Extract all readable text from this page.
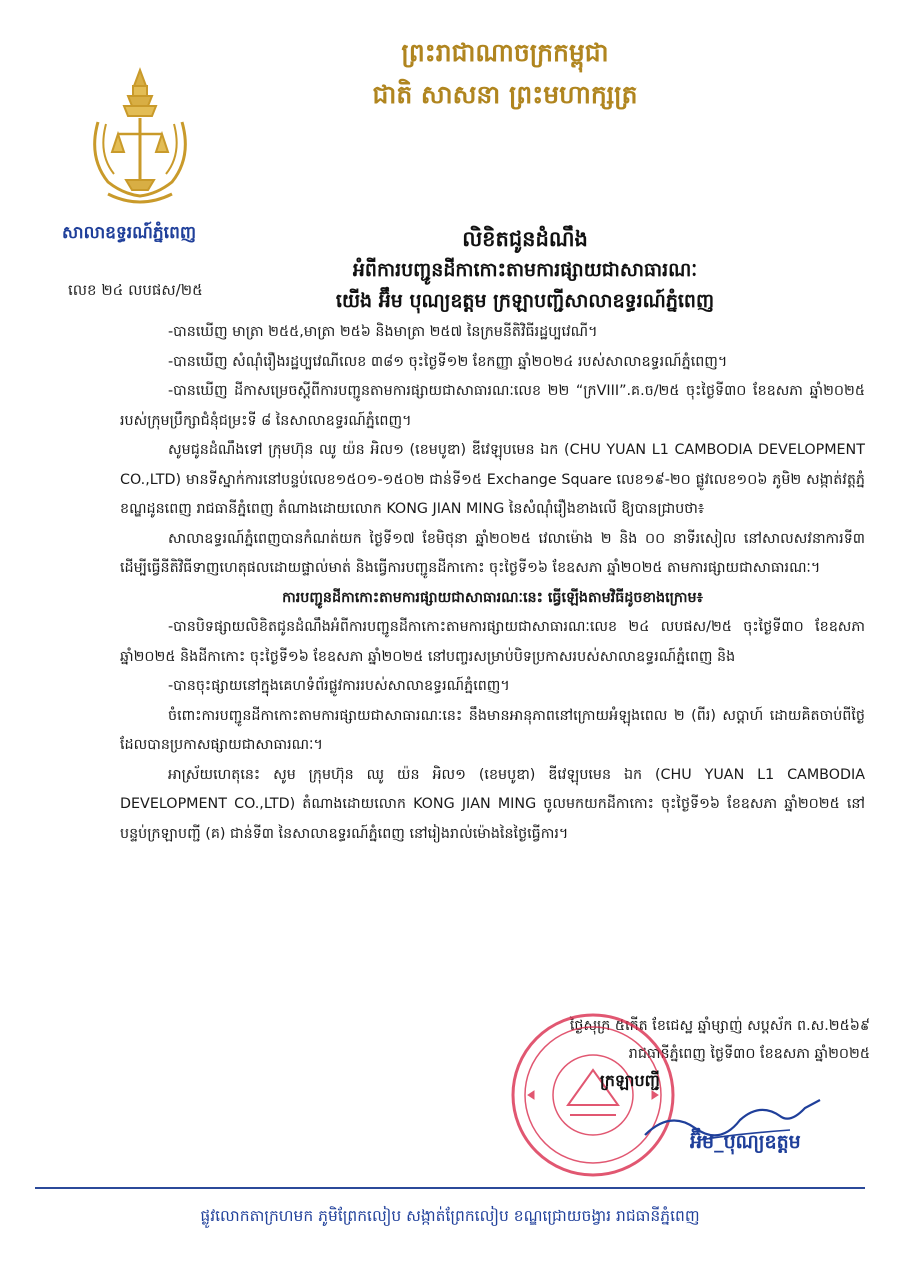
ព្រះរាជាណាចក្រកម្ពុជា
ជាតិ សាសនា ព្រះមហាក្សត្រ
សាលាឧទ្ធរណ៍ភ្នំពេញ
លេខ ២៤ លបផស/២៥
លិខិតជូនដំណឹង
អំពីការបញ្ជូនដីកាកោះតាមការផ្សាយជាសាធារណៈ
យើង អ៊ឹម បុណ្យឧត្តម ក្រឡាបញ្ជីសាលាឧទ្ធរណ៍ភ្នំពេញ

-បានឃើញ មាត្រា ២៥៥,មាត្រា ២៥៦ និងមាត្រា ២៥៧ នៃក្រមនីតិវិធីរដ្ឋប្បវេណី។

-បានឃើញ សំណុំរឿងរដ្ឋប្បវេណីលេខ ៣៨១ ចុះថ្ងៃទី១២ ខែកញ្ញា ឆ្នាំ២០២៤ របស់សាលាឧទ្ធរណ៍ភ្នំពេញ។

-បានឃើញ ដីកាសម្រេចស្តីពីការបញ្ជូនតាមការផ្សាយជាសាធារណៈលេខ ២២ “ក្រVIII”.គ.ច/២៥ ចុះថ្ងៃទី៣០ ខែឧសភា ឆ្នាំ២០២៥ របស់ក្រុមប្រឹក្សាជំនុំជម្រះទី ៨ នៃសាលាឧទ្ធរណ៍ភ្នំពេញ។

សូមជូនដំណឹងទៅ ក្រុមហ៊ុន ឈូ យ៉ន អិល១ (ខេមបូឌា) ឌីវេឡុបមេន ឯក (CHU YUAN L1 CAMBODIA DEVELOPMENT CO.,LTD) មានទីស្នាក់ការនៅបន្ទប់លេខ១៥០១-១៥០២ ជាន់ទី១៥ Exchange Square លេខ១៩-២០ ផ្លូវលេខ១០៦ ភូមិ២ សង្កាត់វត្តភ្នំ ខណ្ឌដូនពេញ រាជធានីភ្នំពេញ តំណាងដោយលោក KONG JIAN MING នៃសំណុំរឿងខាងលើ ឱ្យបានជ្រាបថា៖

សាលាឧទ្ធរណ៍ភ្នំពេញបានកំណត់យក ថ្ងៃទី១៧ ខែមិថុនា ឆ្នាំ២០២៥ វេលាម៉ោង ២ និង ០០ នាទីរសៀល នៅសាលសវនាការទី៣ ដើម្បីធ្វើនីតិវិធីទាញហេតុផលដោយផ្ទាល់មាត់ និងធ្វើការបញ្ជូនដីកាកោះ ចុះថ្ងៃទី១៦ ខែឧសភា ឆ្នាំ២០២៥ តាមការផ្សាយជាសាធារណៈ។

ការបញ្ជូនដីកាកោះតាមការផ្សាយជាសាធារណៈនេះ ធ្វើឡើងតាមវិធីដូចខាងក្រោម៖

-បានបិទផ្សាយលិខិតជូនដំណឹងអំពីការបញ្ជូនដីកាកោះតាមការផ្សាយជាសាធារណៈលេខ ២៤ លបផស/២៥ ចុះថ្ងៃទី៣០ ខែឧសភា ឆ្នាំ២០២៥ និងដីកាកោះ ចុះថ្ងៃទី១៦ ខែឧសភា ឆ្នាំ២០២៥ នៅបញ្ចរសម្រាប់បិទប្រកាសរបស់សាលាឧទ្ធរណ៍ភ្នំពេញ និង

-បានចុះផ្សាយនៅក្នុងគេហទំព័រផ្លូវការរបស់សាលាឧទ្ធរណ៍ភ្នំពេញ។

ចំពោះការបញ្ជូនដីកាកោះតាមការផ្សាយជាសាធារណៈនេះ នឹងមានអានុភាពនៅក្រោយអំឡុងពេល ២ (ពីរ) សប្តាហ៍ ដោយគិតចាប់ពីថ្ងៃដែលបានប្រកាសផ្សាយជាសាធារណៈ។

អាស្រ័យហេតុនេះ សូម ក្រុមហ៊ុន ឈូ យ៉ន អិល១ (ខេមបូឌា) ឌីវេឡុបមេន ឯក (CHU YUAN L1 CAMBODIA DEVELOPMENT CO.,LTD) តំណាងដោយលោក KONG JIAN MING ចូលមកយកដីកាកោះ ចុះថ្ងៃទី១៦ ខែឧសភា ឆ្នាំ២០២៥ នៅបន្ទប់ក្រឡាបញ្ជី (គ) ជាន់ទី៣ នៃសាលាឧទ្ធរណ៍ភ្នំពេញ នៅរៀងរាល់ម៉ោងនៃថ្ងៃធ្វើការ។

ថ្ងៃសុក្រ ៥កើត ខែជេស្ឋ ឆ្នាំម្សាញ់ សប្តស័ក ព.ស.២៥៦៩
រាជធានីភ្នំពេញ ថ្ងៃទី៣០ ខែឧសភា ឆ្នាំ២០២៥
ក្រឡាបញ្ជី
អ៊ឹម_បុណ្យឧត្តម
ផ្លូវលោកតាក្រហមក ភូមិព្រែកលៀប សង្កាត់ព្រែកលៀប ខណ្ឌជ្រោយចង្វារ រាជធានីភ្នំពេញ
